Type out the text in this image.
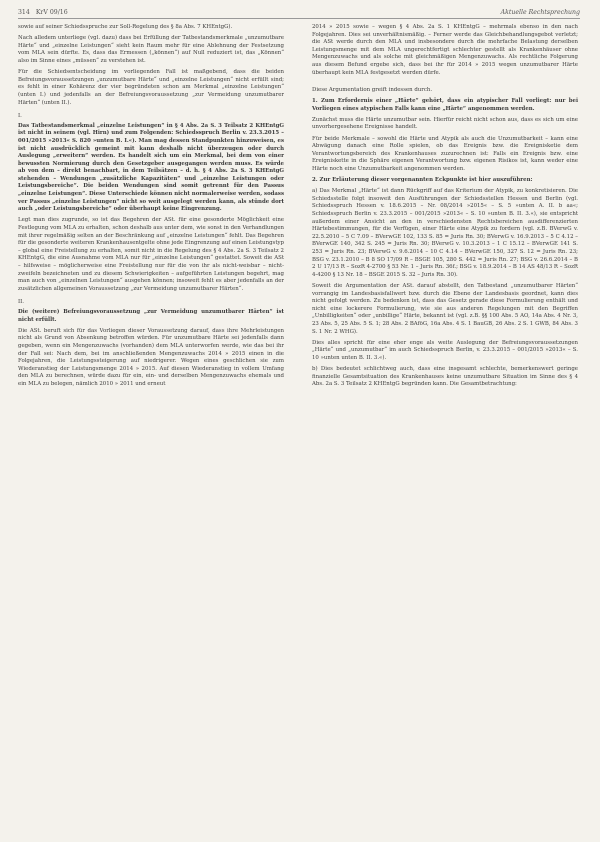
314 KrV 09/16	Aktuelle Rechtsprechung

sowie auf seiner Schiedsspruche zur Soll-Regelung des § 8a Abs. 7 KHEntgG).

Nach alledem unterliege (vgl. dazu) dass bei Erfüllung der Tatbestandsmerkmale „unzumutbare Härte“ und „einzelne Leistungen“ sieht kein Raum mehr für eine Ablehnung der Festsetzung vom MLA sein dürfte. Es, dass das Ermessen („können“) auf Null reduziert ist, das „Können“ also im Sinne eines „müssen“ zu verstehen ist.

Für die Schiedsentscheidung im vorliegenden Fall ist maßgebend, dass die beiden Befreiungsvoraussetzungen „unzumutbare Härte“ und „einzelne Leistungen“ nicht erfüllt sind; es fehlt in einer Kohärenz der vier begründeten schon am Merkmal „einzelne Leistungen“ (unten I.) und jedenfalls an der Befreiungsvoraussetzung „zur Vermeidung unzumutbarer Härten“ (unten II.).

I.

Das Tatbestandsmerkmal „einzelne Leistungen“ in § 4 Abs. 2a S. 3 Teilsatz 2 KHEntgG ist nicht in seinem (vgl. Hirn) und zum Folgenden: Schiedsspruch Berlin v. 23.3.2015 – 001/2015 »2013« S. 820 »unten B. I.«). Man mag dessen Standpunkten hinzuweisen, es ist nicht ausdrücklich gemeint mit kann deshalb nicht überzeugen oder durch Auslegung „erweitern“ werden. Es handelt sich um ein Merkmal, bei dem von einer bewussten Normierung durch den Gesetzgeber ausgegangen werden muss. Es würde ab von dem – direkt benachbart, in dem Teilsätzen – d. h. § 4 Abs. 2a S. 3 KHEntgG stehenden – Wendungen „zusätzliche Kapazitäten“ und „einzelne Leistungen oder Leistungsbereiche“. Die beiden Wendungen sind somit getrennt für den Passus „einzelne Leistungen“. Diese Unterschiede können nicht normalerweise werden, sodass ver Passus „einzelne Leistungen“ nicht so weit ausgelegt werden kann, als stünde dort auch „oder Leistungsbereiche“ oder überhaupt keine Eingrenzung.

Legt man dies zugrunde, so ist das Begehren der ASt. für eine gesonderte Möglichkeit eine Festlegung vom MLA zu erhalten, schon deshalb aus unter dem, wie sonst in den Verhandlungen mit ihrer regelmäßig selten an der Beschränkung auf „einzelne Leistungen“ fehlt. Das Begehren für die gesonderte weiteren Krankenhausentgelte ohne jede Eingrenzung auf einen Leistungstyp – global eine Freistellung zu erhalten, somit nicht in die Regelung des § 4 Abs. 2a S. 3 Teilsatz 2 KHEntgG, die eine Ausnahme vom MLA nur für „einzelne Leistungen“ gestattet. Soweit die ASt – hilfsweise – möglicherweise eine Freistellung nur für die von ihr als nicht-weisbar – nicht-zweifeln bezeichneten und zu diesem Schwierigkeiten – aufgeführten Leistungen begehrt, mag man auch von „einzelnen Leistungen“ ausgehen können; insoweit fehlt es aber jedenfalls an der zusätzlichen allgemeinen Voraussetzung „zur Vermeidung unzumutbarer Härten“.

II.

Die (weitere) Befreiungsvoraussetzung „zur Vermeidung unzumutbarer Härten“ ist nicht erfüllt.

Die ASt. beruft sich für das Vorliegen dieser Voraussetzung darauf, dass ihre Mehrleistungen nicht als Grund von Absenkung betroffen würden. Für unzumutbare Härte sei jedenfalls dann gegeben, wenn ein Mengenzuwachs (vorhanden) dem MLA unterworfen werde, wie das bei ihr der Fall sei: Nach dem, bei im anschließenden Mengenzuwachs 2014 » 2015 einen in die Folgejahren, die Leistungssteigerung auf niedrigerer. Wegen eines geschlichen sie zum Wiederanstieg der Leistungsmenge 2014 » 2015. Auf diesen Wiederanstieg in vollem Umfang den MLA zu berechnen, würde dazu für ein, ein- und derselben Mengenzuwachs ehemals und ein MLA zu belegen, nämlich 2010 » 2011 und erneut

2014 » 2015 sowie – wegen § 4 Abs. 2a S. 1 KHEntgG – mehrmals ebenso in den nach Folgejahren. Dies sei unverhältnismäßig. – Ferner werde das Gleichbehandlungsgebot verletzt; die ASt werde durch den MLA und insbesondere durch die mehrfache Belastung derselben Leistungsmenge mit dem MLA ungerechtfertigt schlechter gestellt als Krankenhäuser ohne Mengenzuwachs und als solche mit gleichmäßigen Mengenzuwachs. Als rechtliche Folgerung aus diesem Befund ergebe sich, dass bei ihr für 2014 » 2015 wegen unzumutbarer Härte überhaupt kein MLA festgesetzt werden dürfe.

Diese Argumentation greift indessen durch.

1. Zum Erfordernis einer „Härte“ gehört, dass ein atypischer Fall vorliegt: nur bei Vorliegen eines atypischen Falls kann eine „Härte“ angenommen werden.

Zunächst muss die Härte unzumutbar sein. Hierfür reicht nicht schon aus, dass es sich um eine unvorhergesehene Ereignisse handelt.

Für beide Merkmale – sowohl die Härte und Atypik als auch die Unzumutbarkeit – kann eine Abwägung danach eine Rolle spielen, ob das Ereignis bzw. die Ereignisketie dem Verantwortungsbereich des Krankenhauses zuzurechnen ist: Falls ein Ereignis bzw. eine Ereigniskette in die Sphäre eigenen Verantwortung bzw. eigenen Risikos ist, kann weder eine Härte noch eine Unzumutbarkeit angenommen werden.

2. Zur Erläuterung dieser vorgenannten Eckpunkte ist hier auszuführen:

a) Das Merkmal „Härte“ ist dann Rückgriff auf das Kriterium der Atypik, zu konkretisieren. Die Schiedsstelle folgt insoweit den Ausführungen der Schiedsstellen Hessen und Berlin (vgl. Schiedsspruch Hessen v. 18.6.2015 – Nr. 08/2014 »2015« – S. 5 »unten A. II. b aa«; Schiedsspruch Berlin v. 23.3.2015 – 001/2015 »2013« – S. 10 »unten B. II. 3.«), sie entspricht außerdem einer Ansicht an den in verschiedensten Rechtsbereichen ausdifferenzierten Härtebestimmungen, für die Verfügen, einer Härte eine Atypik zu fordern (vgl. z.B. BVerwG v. 22.5.2010 – 5 C 7.09 – BVerwGE 102, 133 S. 85 = Juris Rn. 30; BVerwG v. 16.9.2013 – 5 C 4.12 – BVerwGE 140, 342 S. 245 = Juris Rn. 30; BVerwG v. 10.3.2013 – 1 C 15.12 – BVerwGE 141 S. 253 = Juris Rn. 23; BVerwG v. 9.6.2014 – 10 C 4.14 – BVerwGE 150, 327 S. 12 = Juris Rn. 23; BSG v. 23.1.2010 – B 8 SO 17/09 R – BSGE 105, 280 S. 442 = Juris Rn. 27; BSG v. 26.6.2014 – B 2 U 17/13 R – SozR 4-2700 § 53 Nr. 1 – Juris Rn. 36f.; BSG v. 18.9.2014 – B 14 AS 48/13 R – SozR 4-4200 § 13 Nr. 18 – BSGE 2015 S. 32 – Juris Rn. 30).

Soweit die Argumentation der ASt. darauf abstellt, den Tatbestand „unzumutbarer Härten“ vorrangig im Landesbasisfallwert bzw. durch die Ebene der Landesbasis geordnet, kann dies nicht gefolgt werden. Zu bedenken ist, dass das Gesetz gerade diese Formulierung enthält und nicht eine lockerere Formulierung, wie sie aus anderen Regelungen mit den Begriffen „Unbilligkeiten“ oder „unbillige“ Härte, bekannt ist (vgl. z.B. §§ 100 Abs. 5 AO, 14a Abs. 4 Nr. 3, 23 Abs. 5, 25 Abs. 5 S. 1; 28 Abs. 2 BAföG, 16a Abs. 4 S. 1 BauGB, 26 Abs. 2 S. 1 GWB, 84 Abs. 3 S. 1 Nr. 2 WHG).

Dies alles spricht für eine eher enge als weite Auslegung der Befreiungsvoraussetzungen „Härte“ und „unzumutbar“ im auch Schiedsspruch Berlin, v. 23.3.2015 – 001/2015 »2013« – S. 10 »unten unten B. II. 3.«).

b) Dies bedeutet schlichtweg auch, dass eine insgesamt schlechte, bemerkenswert geringe finanzielle Gesamtsituation des Krankenhauses keine unzumutbare Situation im Sinne des § 4 Abs. 2a S. 3 Teilsatz 2 KHEntgG begründen kann. Die Gesamtbetrachtung:
